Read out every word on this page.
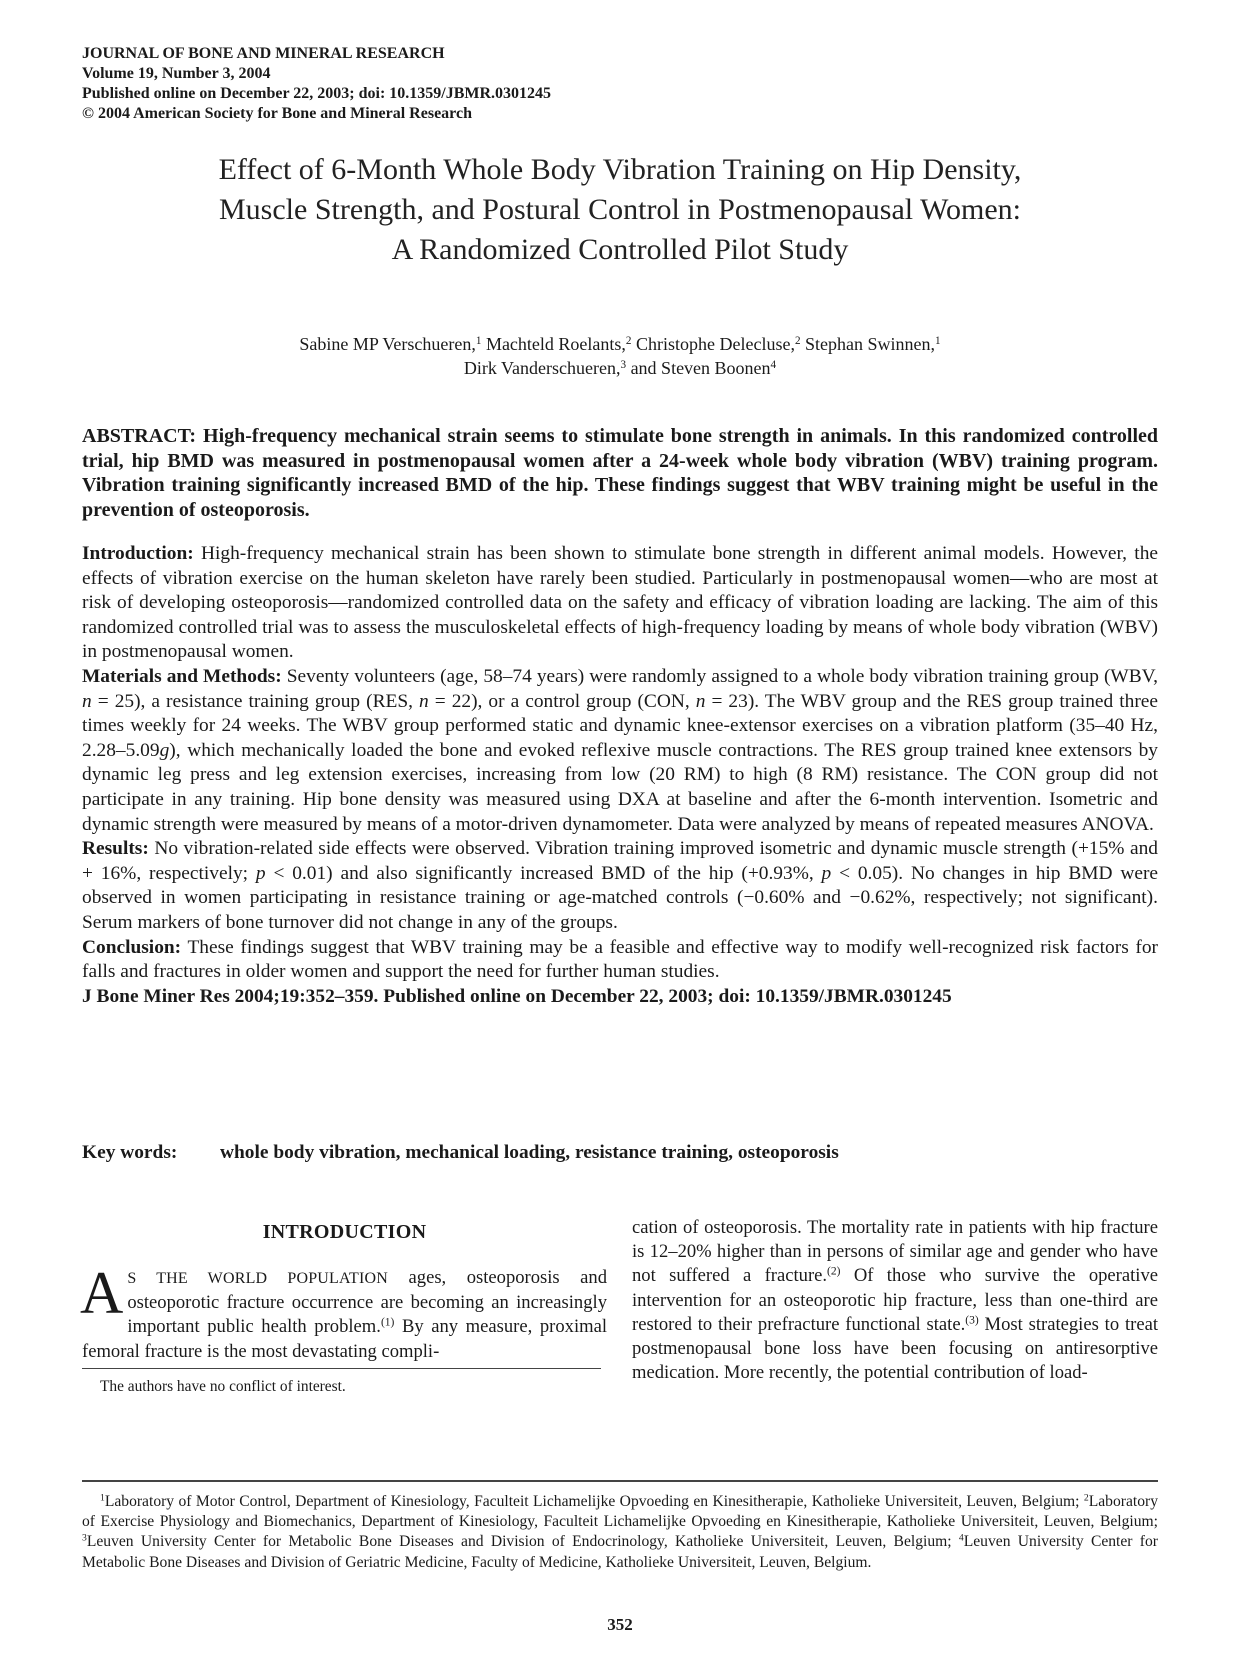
JOURNAL OF BONE AND MINERAL RESEARCH
Volume 19, Number 3, 2004
Published online on December 22, 2003; doi: 10.1359/JBMR.0301245
© 2004 American Society for Bone and Mineral Research
Effect of 6-Month Whole Body Vibration Training on Hip Density,
Muscle Strength, and Postural Control in Postmenopausal Women:
A Randomized Controlled Pilot Study
Sabine MP Verschueren,$^1$ Machteld Roelants,$^2$ Christophe Delecluse,$^2$ Stephan Swinnen,$^1$
Dirk Vanderschueren,$^3$ and Steven Boonen$^4$
ABSTRACT: High-frequency mechanical strain seems to stimulate bone strength in animals. In this randomized controlled trial, hip BMD was measured in postmenopausal women after a 24-week whole body vibration (WBV) training program. Vibration training significantly increased BMD of the hip. These findings suggest that WBV training might be useful in the prevention of osteoporosis.

Introduction: High-frequency mechanical strain has been shown to stimulate bone strength in different animal models. However, the effects of vibration exercise on the human skeleton have rarely been studied. Particularly in postmenopausal women—who are most at risk of developing osteoporosis—randomized controlled data on the safety and efficacy of vibration loading are lacking. The aim of this randomized controlled trial was to assess the musculoskeletal effects of high-frequency loading by means of whole body vibration (WBV) in postmenopausal women.

Materials and Methods: Seventy volunteers (age, 58–74 years) were randomly assigned to a whole body vibration training group (WBV, n = 25), a resistance training group (RES, n = 22), or a control group (CON, n = 23). The WBV group and the RES group trained three times weekly for 24 weeks. The WBV group performed static and dynamic knee-extensor exercises on a vibration platform (35–40 Hz, 2.28–5.09g), which mechanically loaded the bone and evoked reflexive muscle contractions. The RES group trained knee extensors by dynamic leg press and leg extension exercises, increasing from low (20 RM) to high (8 RM) resistance. The CON group did not participate in any training. Hip bone density was measured using DXA at baseline and after the 6-month intervention. Isometric and dynamic strength were measured by means of a motor-driven dynamometer. Data were analyzed by means of repeated measures ANOVA.

Results: No vibration-related side effects were observed. Vibration training improved isometric and dynamic muscle strength (+15% and + 16%, respectively; p < 0.01) and also significantly increased BMD of the hip (+0.93%, p < 0.05). No changes in hip BMD were observed in women participating in resistance training or age-matched controls (−0.60% and −0.62%, respectively; not significant). Serum markers of bone turnover did not change in any of the groups.

Conclusion: These findings suggest that WBV training may be a feasible and effective way to modify well-recognized risk factors for falls and fractures in older women and support the need for further human studies.

J Bone Miner Res 2004;19:352–359. Published online on December 22, 2003; doi: 10.1359/JBMR.0301245

Key words: whole body vibration, mechanical loading, resistance training, osteoporosis
INTRODUCTION

A S THE WORLD POPULATION ages, osteoporosis and osteoporotic fracture occurrence are becoming an increasingly important public health problem.$^{(1)}$ By any measure, proximal femoral fracture is the most devastating compli-

cation of osteoporosis. The mortality rate in patients with hip fracture is 12–20% higher than in persons of similar age and gender who have not suffered a fracture.$^{(2)}$ Of those who survive the operative intervention for an osteoporotic hip fracture, less than one-third are restored to their prefracture functional state.$^{(3)}$ Most strategies to treat postmenopausal bone loss have been focusing on antiresorptive medication. More recently, the potential contribution of load-

The authors have no conflict of interest.
$^1$Laboratory of Motor Control, Department of Kinesiology, Faculteit Lichamelijke Opvoeding en Kinesitherapie, Katholieke Universiteit, Leuven, Belgium; $^2$Laboratory of Exercise Physiology and Biomechanics, Department of Kinesiology, Faculteit Lichamelijke Opvoeding en Kinesitherapie, Katholieke Universiteit, Leuven, Belgium; $^3$Leuven University Center for Metabolic Bone Diseases and Division of Endocrinology, Katholieke Universiteit, Leuven, Belgium; $^4$Leuven University Center for Metabolic Bone Diseases and Division of Geriatric Medicine, Faculty of Medicine, Katholieke Universiteit, Leuven, Belgium.
352
